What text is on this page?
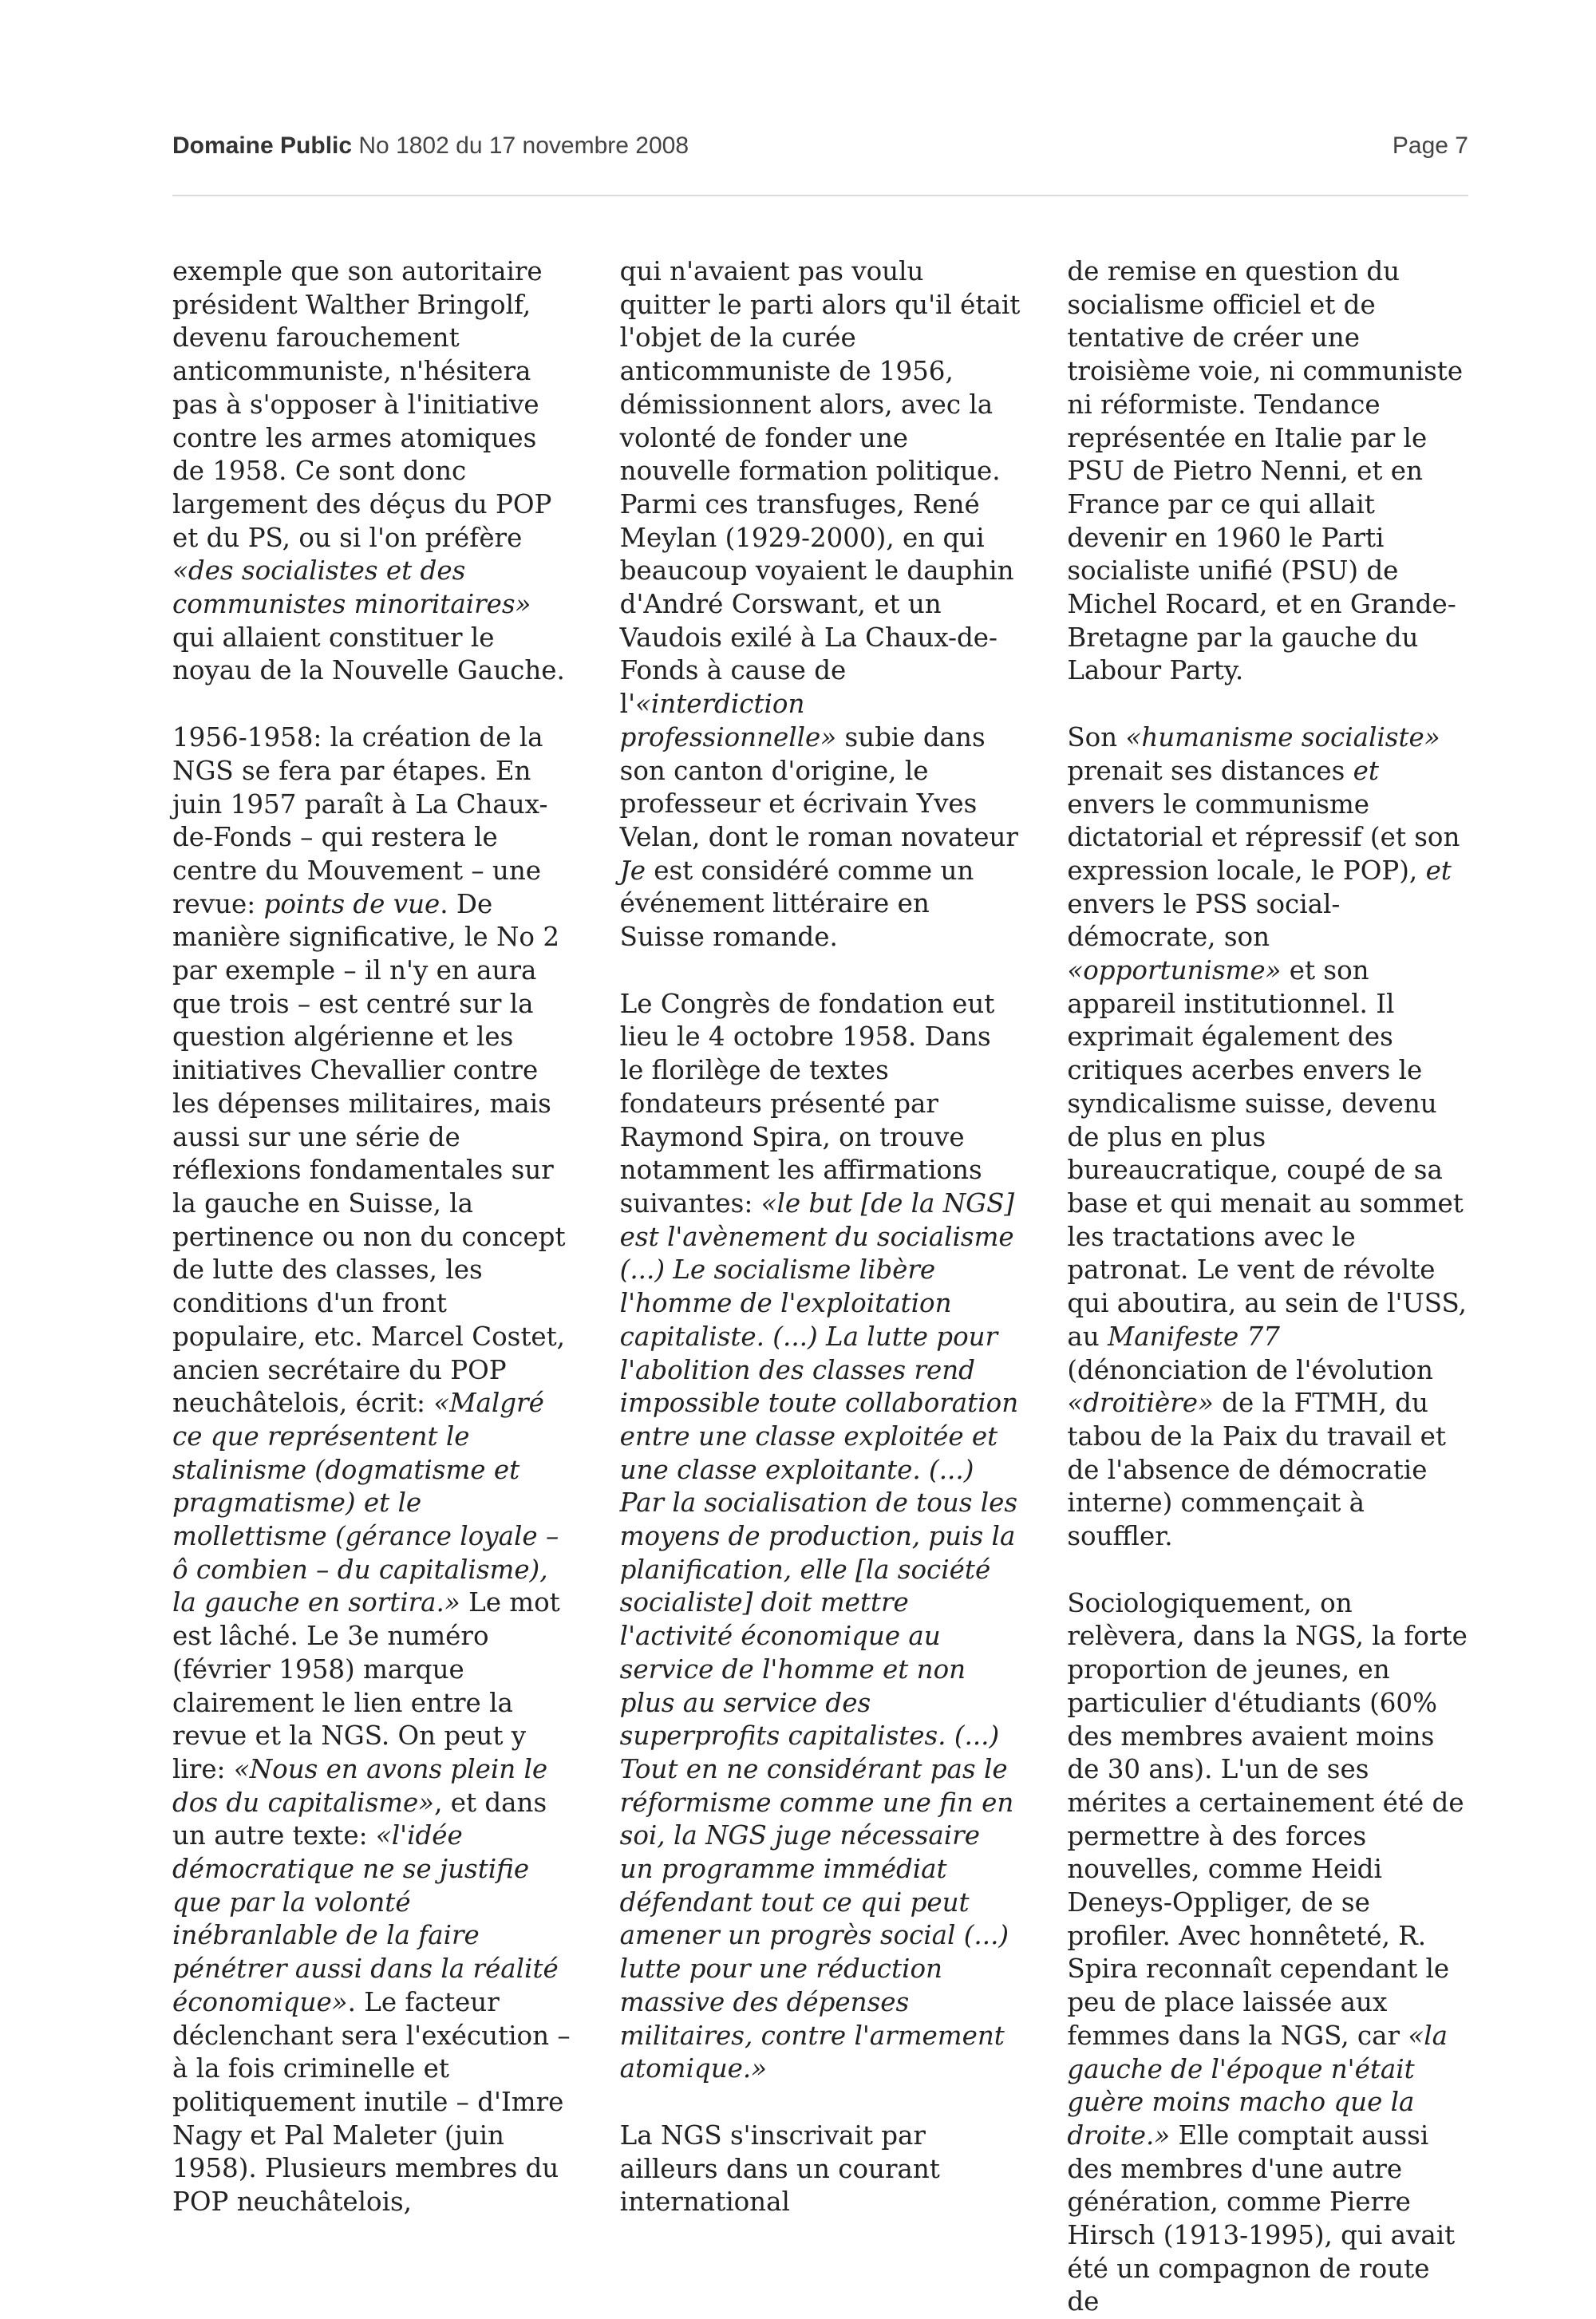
Domaine Public No 1802 du 17 novembre 2008	Page 7

exemple que son autoritaire président Walther Bringolf, devenu farouchement anticommuniste, n'hésitera pas à s'opposer à l'initiative contre les armes atomiques de 1958. Ce sont donc largement des déçus du POP et du PS, ou si l'on préfère «des socialistes et des communistes minoritaires» qui allaient constituer le noyau de la Nouvelle Gauche.

1956-1958: la création de la NGS se fera par étapes. En juin 1957 paraît à La Chaux-de-Fonds – qui restera le centre du Mouvement – une revue: points de vue. De manière significative, le No 2 par exemple – il n'y en aura que trois – est centré sur la question algérienne et les initiatives Chevallier contre les dépenses militaires, mais aussi sur une série de réflexions fondamentales sur la gauche en Suisse, la pertinence ou non du concept de lutte des classes, les conditions d'un front populaire, etc. Marcel Costet, ancien secrétaire du POP neuchâtelois, écrit: «Malgré ce que représentent le stalinisme (dogmatisme et pragmatisme) et le mollettisme (gérance loyale – ô combien – du capitalisme), la gauche en sortira.» Le mot est lâché. Le 3e numéro (février 1958) marque clairement le lien entre la revue et la NGS. On peut y lire: «Nous en avons plein le dos du capitalisme», et dans un autre texte: «l'idée démocratique ne se justifie que par la volonté inébranlable de la faire pénétrer aussi dans la réalité économique». Le facteur déclenchant sera l'exécution – à la fois criminelle et politiquement inutile – d'Imre Nagy et Pal Maleter (juin 1958). Plusieurs membres du POP neuchâtelois,

qui n'avaient pas voulu quitter le parti alors qu'il était l'objet de la curée anticommuniste de 1956, démissionnent alors, avec la volonté de fonder une nouvelle formation politique. Parmi ces transfuges, René Meylan (1929-2000), en qui beaucoup voyaient le dauphin d'André Corswant, et un Vaudois exilé à La Chaux-de-Fonds à cause de l'«interdiction professionnelle» subie dans son canton d'origine, le professeur et écrivain Yves Velan, dont le roman novateur Je est considéré comme un événement littéraire en Suisse romande.

Le Congrès de fondation eut lieu le 4 octobre 1958. Dans le florilège de textes fondateurs présenté par Raymond Spira, on trouve notamment les affirmations suivantes: «le but [de la NGS] est l'avènement du socialisme (...) Le socialisme libère l'homme de l'exploitation capitaliste. (...) La lutte pour l'abolition des classes rend impossible toute collaboration entre une classe exploitée et une classe exploitante. (...) Par la socialisation de tous les moyens de production, puis la planification, elle [la société socialiste] doit mettre l'activité économique au service de l'homme et non plus au service des superprofits capitalistes. (...) Tout en ne considérant pas le réformisme comme une fin en soi, la NGS juge nécessaire un programme immédiat défendant tout ce qui peut amener un progrès social (...) lutte pour une réduction massive des dépenses militaires, contre l'armement atomique.»

La NGS s'inscrivait par ailleurs dans un courant international

de remise en question du socialisme officiel et de tentative de créer une troisième voie, ni communiste ni réformiste. Tendance représentée en Italie par le PSU de Pietro Nenni, et en France par ce qui allait devenir en 1960 le Parti socialiste unifié (PSU) de Michel Rocard, et en Grande-Bretagne par la gauche du Labour Party.

Son «humanisme socialiste» prenait ses distances et envers le communisme dictatorial et répressif (et son expression locale, le POP), et envers le PSS social-démocrate, son «opportunisme» et son appareil institutionnel. Il exprimait également des critiques acerbes envers le syndicalisme suisse, devenu de plus en plus bureaucratique, coupé de sa base et qui menait au sommet les tractations avec le patronat. Le vent de révolte qui aboutira, au sein de l'USS, au Manifeste 77 (dénonciation de l'évolution «droitière» de la FTMH, du tabou de la Paix du travail et de l'absence de démocratie interne) commençait à souffler.

Sociologiquement, on relèvera, dans la NGS, la forte proportion de jeunes, en particulier d'étudiants (60% des membres avaient moins de 30 ans). L'un de ses mérites a certainement été de permettre à des forces nouvelles, comme Heidi Deneys-Oppliger, de se profiler. Avec honnêteté, R. Spira reconnaît cependant le peu de place laissée aux femmes dans la NGS, car «la gauche de l'époque n'était guère moins macho que la droite.» Elle comptait aussi des membres d'une autre génération, comme Pierre Hirsch (1913-1995), qui avait été un compagnon de route de
